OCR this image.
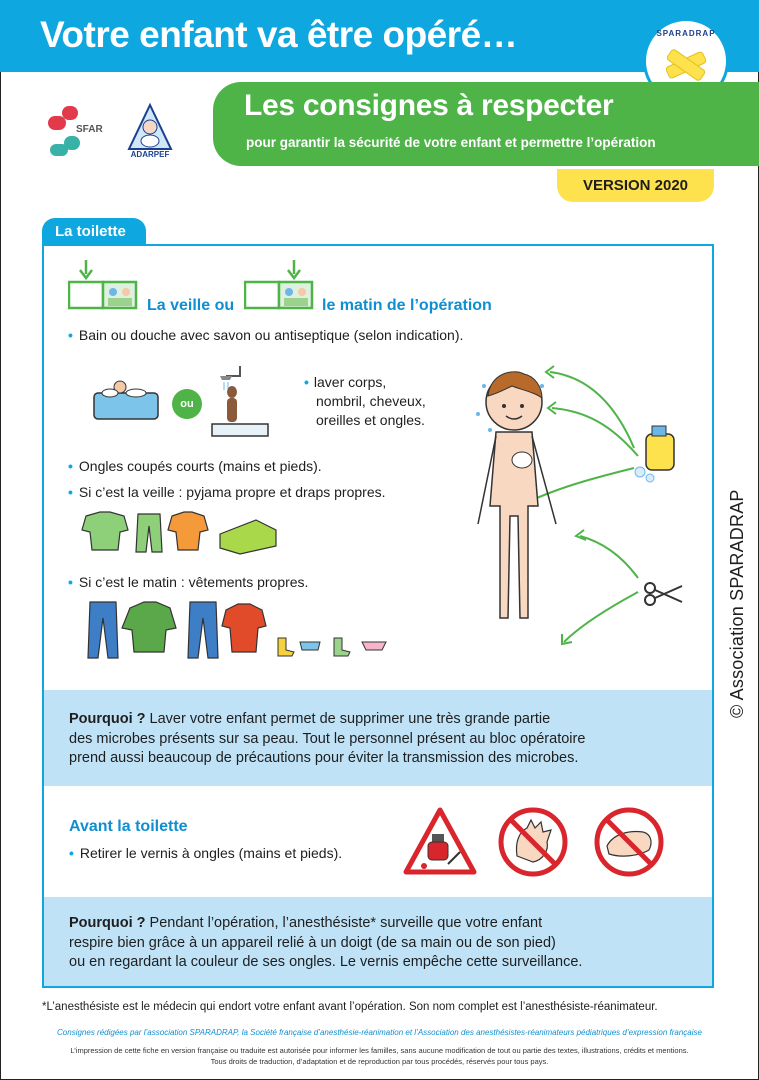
Votre enfant va être opéré…	SPARADRAP
SFAR
ADARPEF
Les consignes à respecter
pour garantir la sécurité de votre enfant et permettre l’opération
VERSION 2020
La toilette
La veille ou	le matin de l’opération
• Bain ou douche avec savon ou antiseptique (selon indication).
ou
• laver corps,
nombril, cheveux,
oreilles et ongles.
• Ongles coupés courts (mains et pieds).
• Si c’est la veille : pyjama propre et draps propres.
• Si c’est le matin : vêtements propres.
Pourquoi ? Laver votre enfant permet de supprimer une très grande partie
des microbes présents sur sa peau. Tout le personnel présent au bloc opératoire
prend aussi beaucoup de précautions pour éviter la transmission des microbes.
Avant la toilette
• Retirer le vernis à ongles (mains et pieds).
Pourquoi ? Pendant l’opération, l’anesthésiste* surveille que votre enfant
respire bien grâce à un appareil relié à un doigt (de sa main ou de son pied)
ou en regardant la couleur de ses ongles. Le vernis empêche cette surveillance.
© Association SPARADRAP
*L’anesthésiste est le médecin qui endort votre enfant avant l’opération. Son nom complet est l’anesthésiste-réanimateur.
Consignes rédigées par l’association SPARADRAP, la Société française d’anesthésie-réanimation et l’Association des anesthésistes-réanimateurs pédiatriques d’expression française
L’impression de cette fiche en version française ou traduite est autorisée pour informer les familles, sans aucune modification de tout ou partie des textes, illustrations, crédits et mentions.
Tous droits de traduction, d’adaptation et de reproduction par tous procédés, réservés pour tous pays.
